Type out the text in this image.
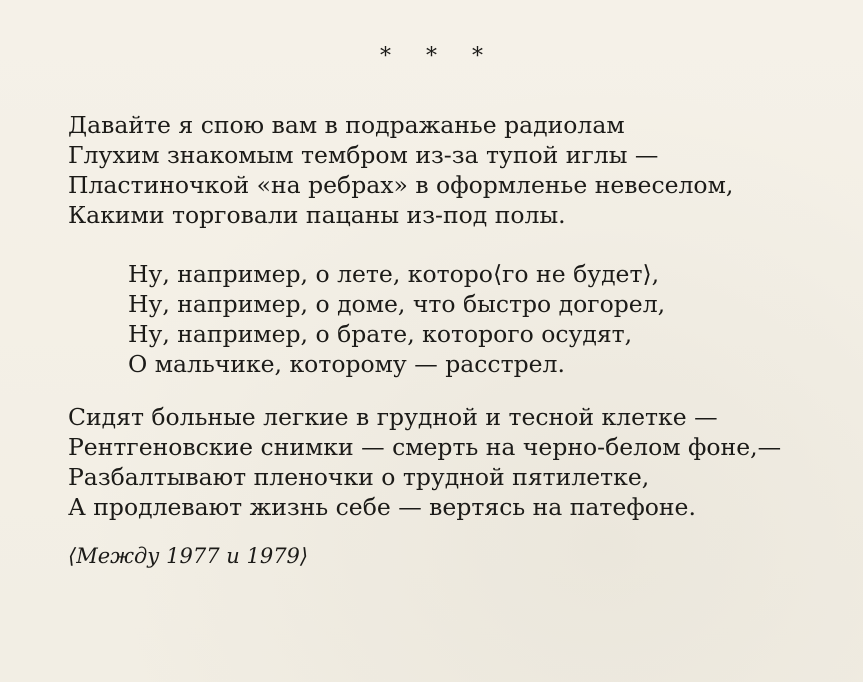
* * *
Давайте я спою вам в подражанье радиолам
Глухим знакомым тембром из-за тупой иглы —
Пластиночкой «на ребрах» в оформленье невеселом,
Какими торговали пацаны из-под полы.
Ну, например, о лете, которо⟨го не будет⟩,
Ну, например, о доме, что быстро догорел,
Ну, например, о брате, которого осудят,
О мальчике, которому — расстрел.
Сидят больные легкие в грудной и тесной клетке —
Рентгеновские снимки — смерть на черно-белом фоне,—
Разбалтывают пленочки о трудной пятилетке,
А продлевают жизнь себе — вертясь на патефоне.
⟨Между 1977 и 1979⟩
